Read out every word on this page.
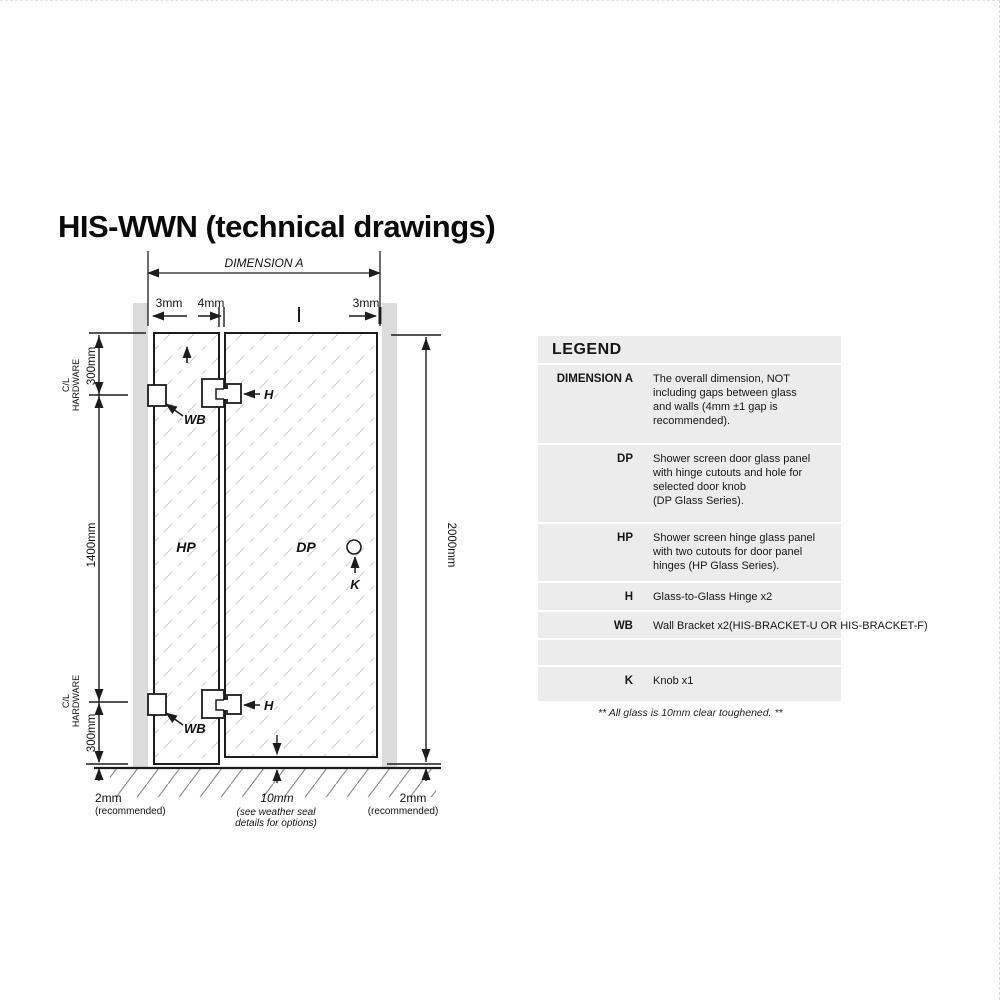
HIS-WWN (technical drawings)
DIMENSION A
3mm 4mm	3mm
C/L HARDWARE 300mm
1400mm
C/L HARDWARE
300mm
2000mm
2mm
(recommended)
10mm
(see weather seal
details for options)
2mm
(recommended)
WB
WB
H
H
HP	DP
K
LEGEND
DIMENSION A The overall dimension, NOT
including gaps between glass
and walls (4mm ±1 gap is
recommended).
DP Shower screen door glass panel
with hinge cutouts and hole for
selected door knob
(DP Glass Series).
HP Shower screen hinge glass panel
with two cutouts for door panel
hinges (HP Glass Series).
H Glass-to-Glass Hinge x2
WB Wall Bracket x2(HIS-BRACKET-U OR HIS-BRACKET-F)
K Knob x1
** All glass is 10mm clear toughened. **
